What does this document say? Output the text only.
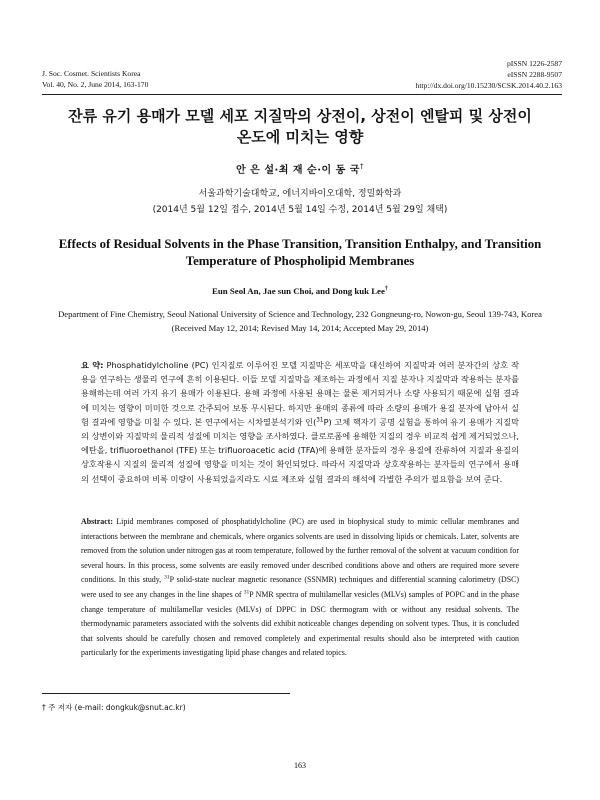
J. Soc. Cosmet. Scientists Korea
Vol. 40, No. 2, June 2014, 163-170
pISSN 1226-2587
eISSN 2288-9507
http://dx.doi.org/10.15230/SCSK.2014.40.2.163
잔류 유기 용매가 모델 세포 지질막의 상전이, 상전이 엔탈피 및 상전이 온도에 미치는 영향
안 은 설·최 재 순·이 동 국†
서울과학기술대학교, 에너지바이오대학, 정밀화학과
(2014년 5월 12일 접수, 2014년 5월 14일 수정, 2014년 5월 29일 채택)
Effects of Residual Solvents in the Phase Transition, Transition Enthalpy, and Transition Temperature of Phospholipid Membranes
Eun Seol An, Jae sun Choi, and Dong kuk Lee†
Department of Fine Chemistry, Seoul National University of Science and Technology, 232 Gongneung-ro, Nowon-gu, Seoul 139-743, Korea
(Received May 12, 2014; Revised May 14, 2014; Accepted May 29, 2014)
요 약: Phosphatidylcholine (PC) 인지질로 이루어진 모델 지질막은 세포막을 대신하여 지질막과 여러 분자간의 상호 작용을 연구하는 생물리 연구에 흔히 이용된다. 이들 모델 지질막을 제조하는 과정에서 지질 분자나 지질막과 작용하는 분자를 용해하는데 여러 가지 유기 용매가 이용된다. 용해 과정에 사용된 용매는 물론 제거되거나 소량 사용되기 때문에 실험 결과에 미치는 영향이 미미한 것으로 간주되어 보통 무시된다. 하지만 용매의 종류에 따라 소량의 용매가 용질 분자에 남아서 실험 결과에 영향을 미칠 수 있다. 본 연구에서는 시차열분석기와 인($^{31}$P) 고체 핵자기 공명 실험을 통하여 유기 용매가 지질막의 상변이와 지질막의 물리적 성질에 미치는 영향을 조사하였다. 클로로폼에 용해한 지질의 경우 비교적 쉽게 제거되었으나, 에탄올, trifluoroethanol (TFE) 또는 trifluoroacetic acid (TFA)에 용해한 분자들의 경우 용질에 잔류하여 지질과 용질의 상호작용시 지질의 물리적 성질에 영향을 미치는 것이 확인되었다. 따라서 지질막과 상호작용하는 분자들의 연구에서 용매의 선택이 중요하며 비록 미량이 사용되었을지라도 시료 제조와 실험 결과의 해석에 각별한 주의가 필요함을 보여 준다.
Abstract: Lipid membranes composed of phosphatidylcholine (PC) are used in biophysical study to mimic cellular membranes and interactions between the membrane and chemicals, where organics solvents are used in dissolving lipids or chemicals. Later, solvents are removed from the solution under nitrogen gas at room temperature, followed by the further removal of the solvent at vacuum condition for several hours. In this process, some solvents are easily removed under described conditions above and others are required more severe conditions. In this study, $^{31}$P solid-state nuclear magnetic resonance (SSNMR) techniques and differential scanning calorimetry (DSC) were used to see any changes in the line shapes of $^{31}$P NMR spectra of multilamellar vesicles (MLVs) samples of POPC and in the phase change temperature of multilamellar vesicles (MLVs) of DPPC in DSC thermogram with or without any residual solvents. The thermodynamic parameters associated with the solvents did exhibit noticeable changes depending on solvent types. Thus, it is concluded that solvents should be carefully chosen and removed completely and experimental results should also be interpreted with caution particularly for the experiments investigating lipid phase changes and related topics.
† 주 저자 (e-mail: dongkuk@snut.ac.kr)
163
